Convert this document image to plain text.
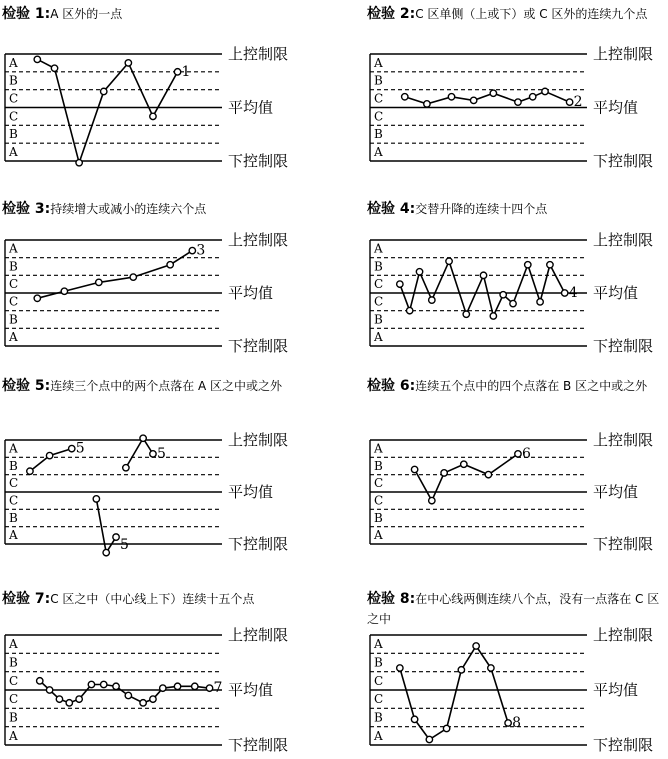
检验 1:A 区外的一点
A
B
C
C
B
A
上控制限
平均值
下控制限
1
检验 2:C 区单侧（上或下）或 C 区外的连续九个点
A
B
C
C
B
A
上控制限
平均值
下控制限
2
检验 3:持续增大或减小的连续六个点
A
B
C
C
B
A
上控制限
平均值
下控制限
3
检验 4:交替升降的连续十四个点
A
B
C
C
B
A
上控制限
平均值
下控制限
4
检验 5:连续三个点中的两个点落在 A 区之中或之外
A
B
C
C
B
A
上控制限
平均值
下控制限
5	5
5
检验 6:连续五个点中的四个点落在 B 区之中或之外
A
B
C
C
B
A
上控制限
平均值
下控制限
6
检验 7:C 区之中（中心线上下）连续十五个点
A
B
C
C
B
A
上控制限
平均值
下控制限
7
检验 8:在中心线两侧连续八个点，没有一点落在 C 区之中
A
B
C
C
B
A
上控制限
平均值
下控制限
8
